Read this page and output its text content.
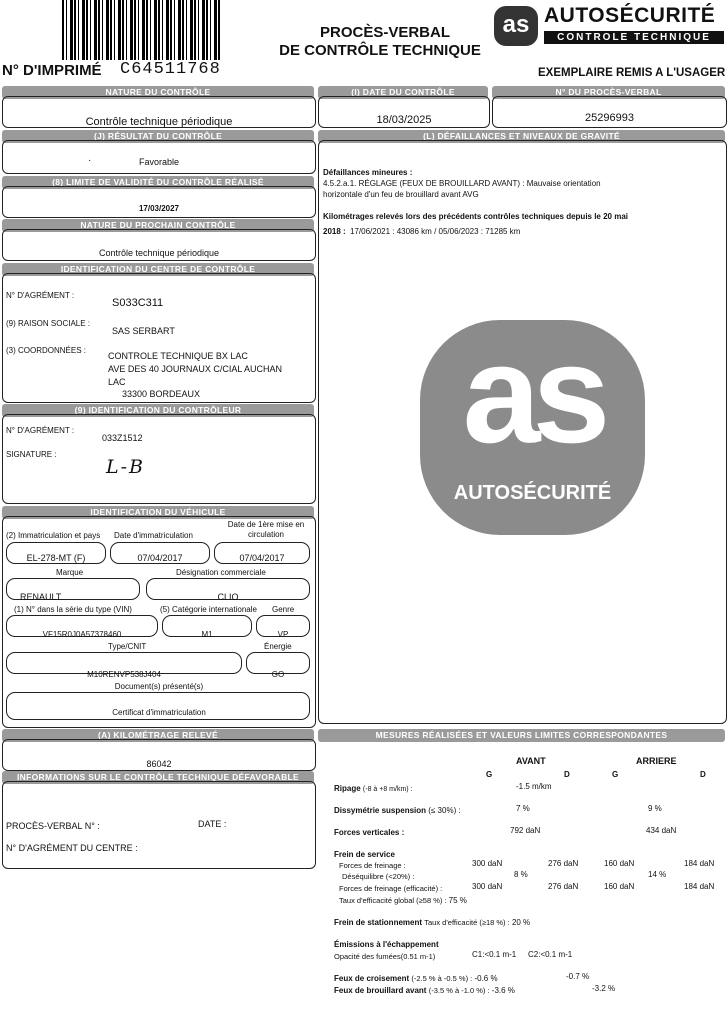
N° D'IMPRIMÉ C64511768
PROCÈS-VERBAL
DE CONTRÔLE TECHNIQUE
as AUTOSÉCURITÉ
CONTROLE TECHNIQUE
EXEMPLAIRE REMIS A L'USAGER
NATURE DU CONTRÔLE
Contrôle technique périodique
(I) DATE DU CONTRÔLE
18/03/2025
N° DU PROCÈS-VERBAL
25296993
(J) RÉSULTAT DU CONTRÔLE
·	Favorable
(8) LIMITE DE VALIDITÉ DU CONTRÔLE RÉALISÉ
17/03/2027
NATURE DU PROCHAIN CONTRÔLE
Contrôle technique périodique
IDENTIFICATION DU CENTRE DE CONTRÔLE
N° D'AGRÉMENT :
S033C311
(9) RAISON SOCIALE :
SAS SERBART
(3) COORDONNÉES :
CONTROLE TECHNIQUE BX LAC
AVE DES 40 JOURNAUX C/CIAL AUCHAN
LAC
33300 BORDEAUX
(9) IDENTIFICATION DU CONTRÔLEUR
N° D'AGRÉMENT :
033Z1512
SIGNATURE :
L-B
IDENTIFICATION DU VÉHICULE
(2) Immatriculation et pays Date d'immatriculation
Date de 1ère mise en circulation
EL-278-MT (F)	07/04/2017	07/04/2017
Marque	Désignation commerciale
RENAULT	CLIO
(1) N° dans la série du type (VIN)	(5) Catégorie internationale Genre
VF15R0J0A57378460	M1	VP
Type/CNIT	Énergie
M10RENVP538J404	GO
Document(s) présenté(s)
Certificat d'immatriculation
(A) KILOMÉTRAGE RELEVÉ
86042
INFORMATIONS SUR LE CONTRÔLE TECHNIQUE DÉFAVORABLE
PROCÈS-VERBAL N° :	DATE :
N° D'AGRÉMENT DU CENTRE :
(L) DÉFAILLANCES ET NIVEAUX DE GRAVITÉ
Défaillances mineures :
4.5.2.a.1. RÉGLAGE (FEUX DE BROUILLARD AVANT) : Mauvaise orientation
horizontale d'un feu de brouillard avant AVG
Kilométrages relevés lors des précédents contrôles techniques depuis le 20 mai
2018 : 17/06/2021 : 43086 km / 05/06/2023 : 71285 km
as
AUTOSÉCURITÉ
MESURES RÉALISÉES ET VALEURS LIMITES CORRESPONDANTES
AVANT	ARRIERE
G	D	G	D
Ripage (-8 à +8 m/km) :	-1.5 m/km
Dissymétrie suspension (≤ 30%) :	7 %	9 %
Forces verticales :	792 daN	434 daN
Frein de service
Forces de freinage :	300 daN	276 daN	160 daN	184 daN
Déséquilibre (<20%) :	8 %	14 %
Forces de freinage (efficacité) :	300 daN	276 daN	160 daN	184 daN
Taux d'efficacité global (≥58 %) : 75 %
Frein de stationnement Taux d'efficacité (≥18 %) : 20 %
Émissions à l'échappement
Opacité des fumées(0.51 m-1)	C1:<0.1 m-1 C2:<0.1 m-1
Feux de croisement (-2.5 % à -0.5 %) : -0.6 %	-0.7 %
Feux de brouillard avant (-3.5 % à -1.0 %) : -3.6 %	-3.2 %
